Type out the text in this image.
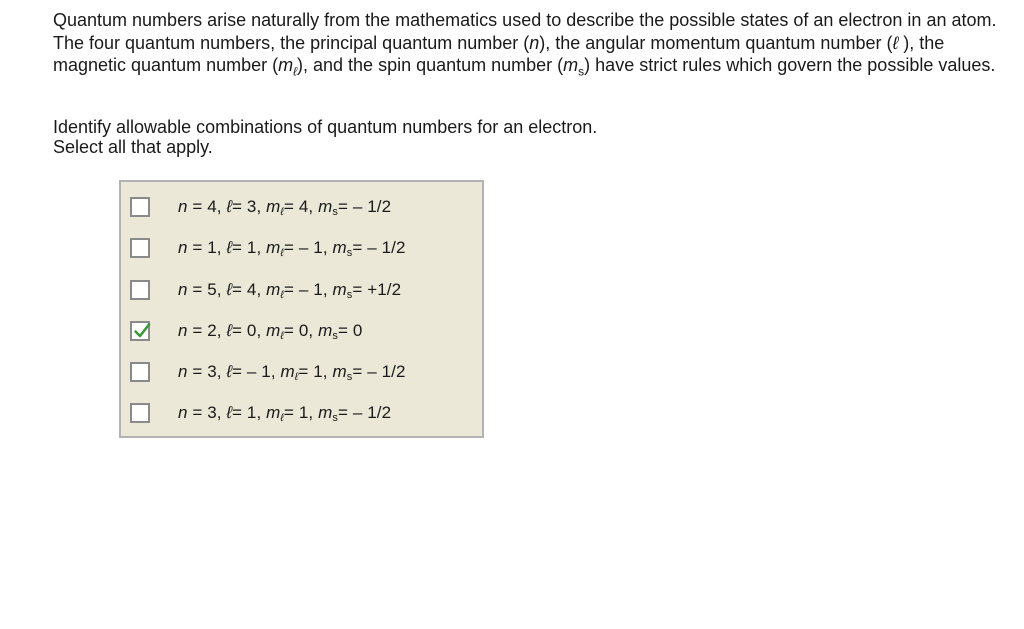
Quantum numbers arise naturally from the mathematics used to describe the possible states of an electron in an atom. The four quantum numbers, the principal quantum number (n), the angular momentum quantum number (ℓ ), the magnetic quantum number $(m_\ell)$, and the spin quantum number $(m_s)$ have strict rules which govern the possible values.

Identify allowable combinations of quantum numbers for an electron.
Select all that apply.

n = 4, ℓ= 3, $m_\ell= 4$, $m_s= - 1/2$
n = 1, ℓ= 1, $m_\ell= - 1$, $m_s= - 1/2$
n = 5, ℓ= 4, $m_\ell= - 1$, $m_s= +1/2$
n = 2, ℓ= 0, $m_\ell= 0$, $m_s= 0$
n = 3, ℓ= – 1, $m_\ell= 1$, $m_s= - 1/2$
n = 3, ℓ= 1, $m_\ell= 1$, $m_s= - 1/2$
